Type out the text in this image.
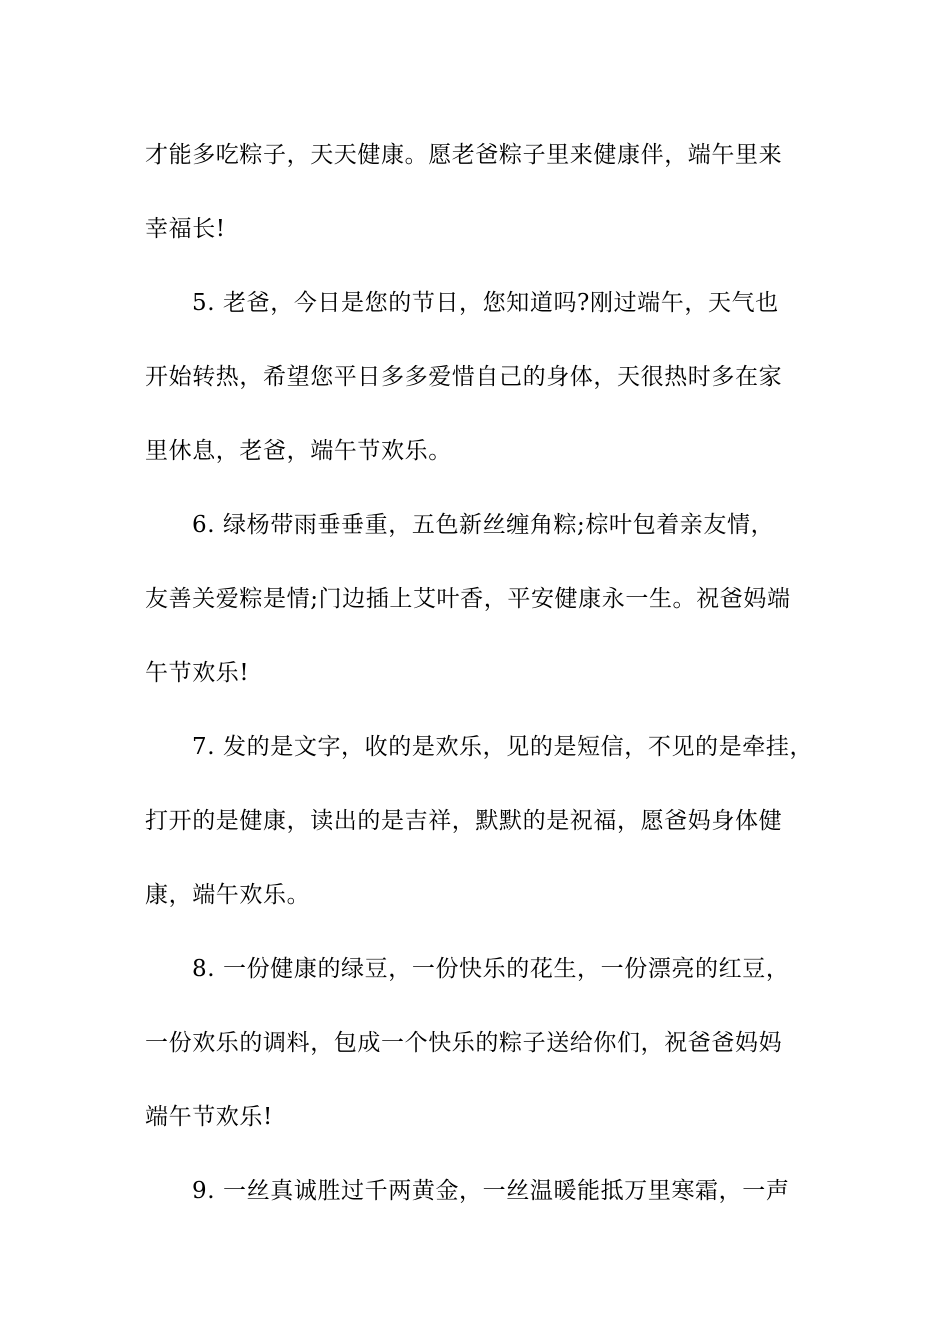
才能多吃粽子，天天健康。愿老爸粽子里来健康伴，端午里来
幸福长!
5. 老爸，今日是您的节日，您知道吗?刚过端午，天气也
开始转热，希望您平日多多爱惜自己的身体，天很热时多在家
里休息，老爸，端午节欢乐。
6. 绿杨带雨垂垂重，五色新丝缠角粽;棕叶包着亲友情，
友善关爱粽是情;门边插上艾叶香，平安健康永一生。祝爸妈端
午节欢乐!
7. 发的是文字，收的是欢乐，见的是短信，不见的是牵挂，
打开的是健康，读出的是吉祥，默默的是祝福，愿爸妈身体健
康，端午欢乐。
8. 一份健康的绿豆，一份快乐的花生，一份漂亮的红豆，
一份欢乐的调料，包成一个快乐的粽子送给你们，祝爸爸妈妈
端午节欢乐!
9. 一丝真诚胜过千两黄金，一丝温暖能抵万里寒霜，一声
